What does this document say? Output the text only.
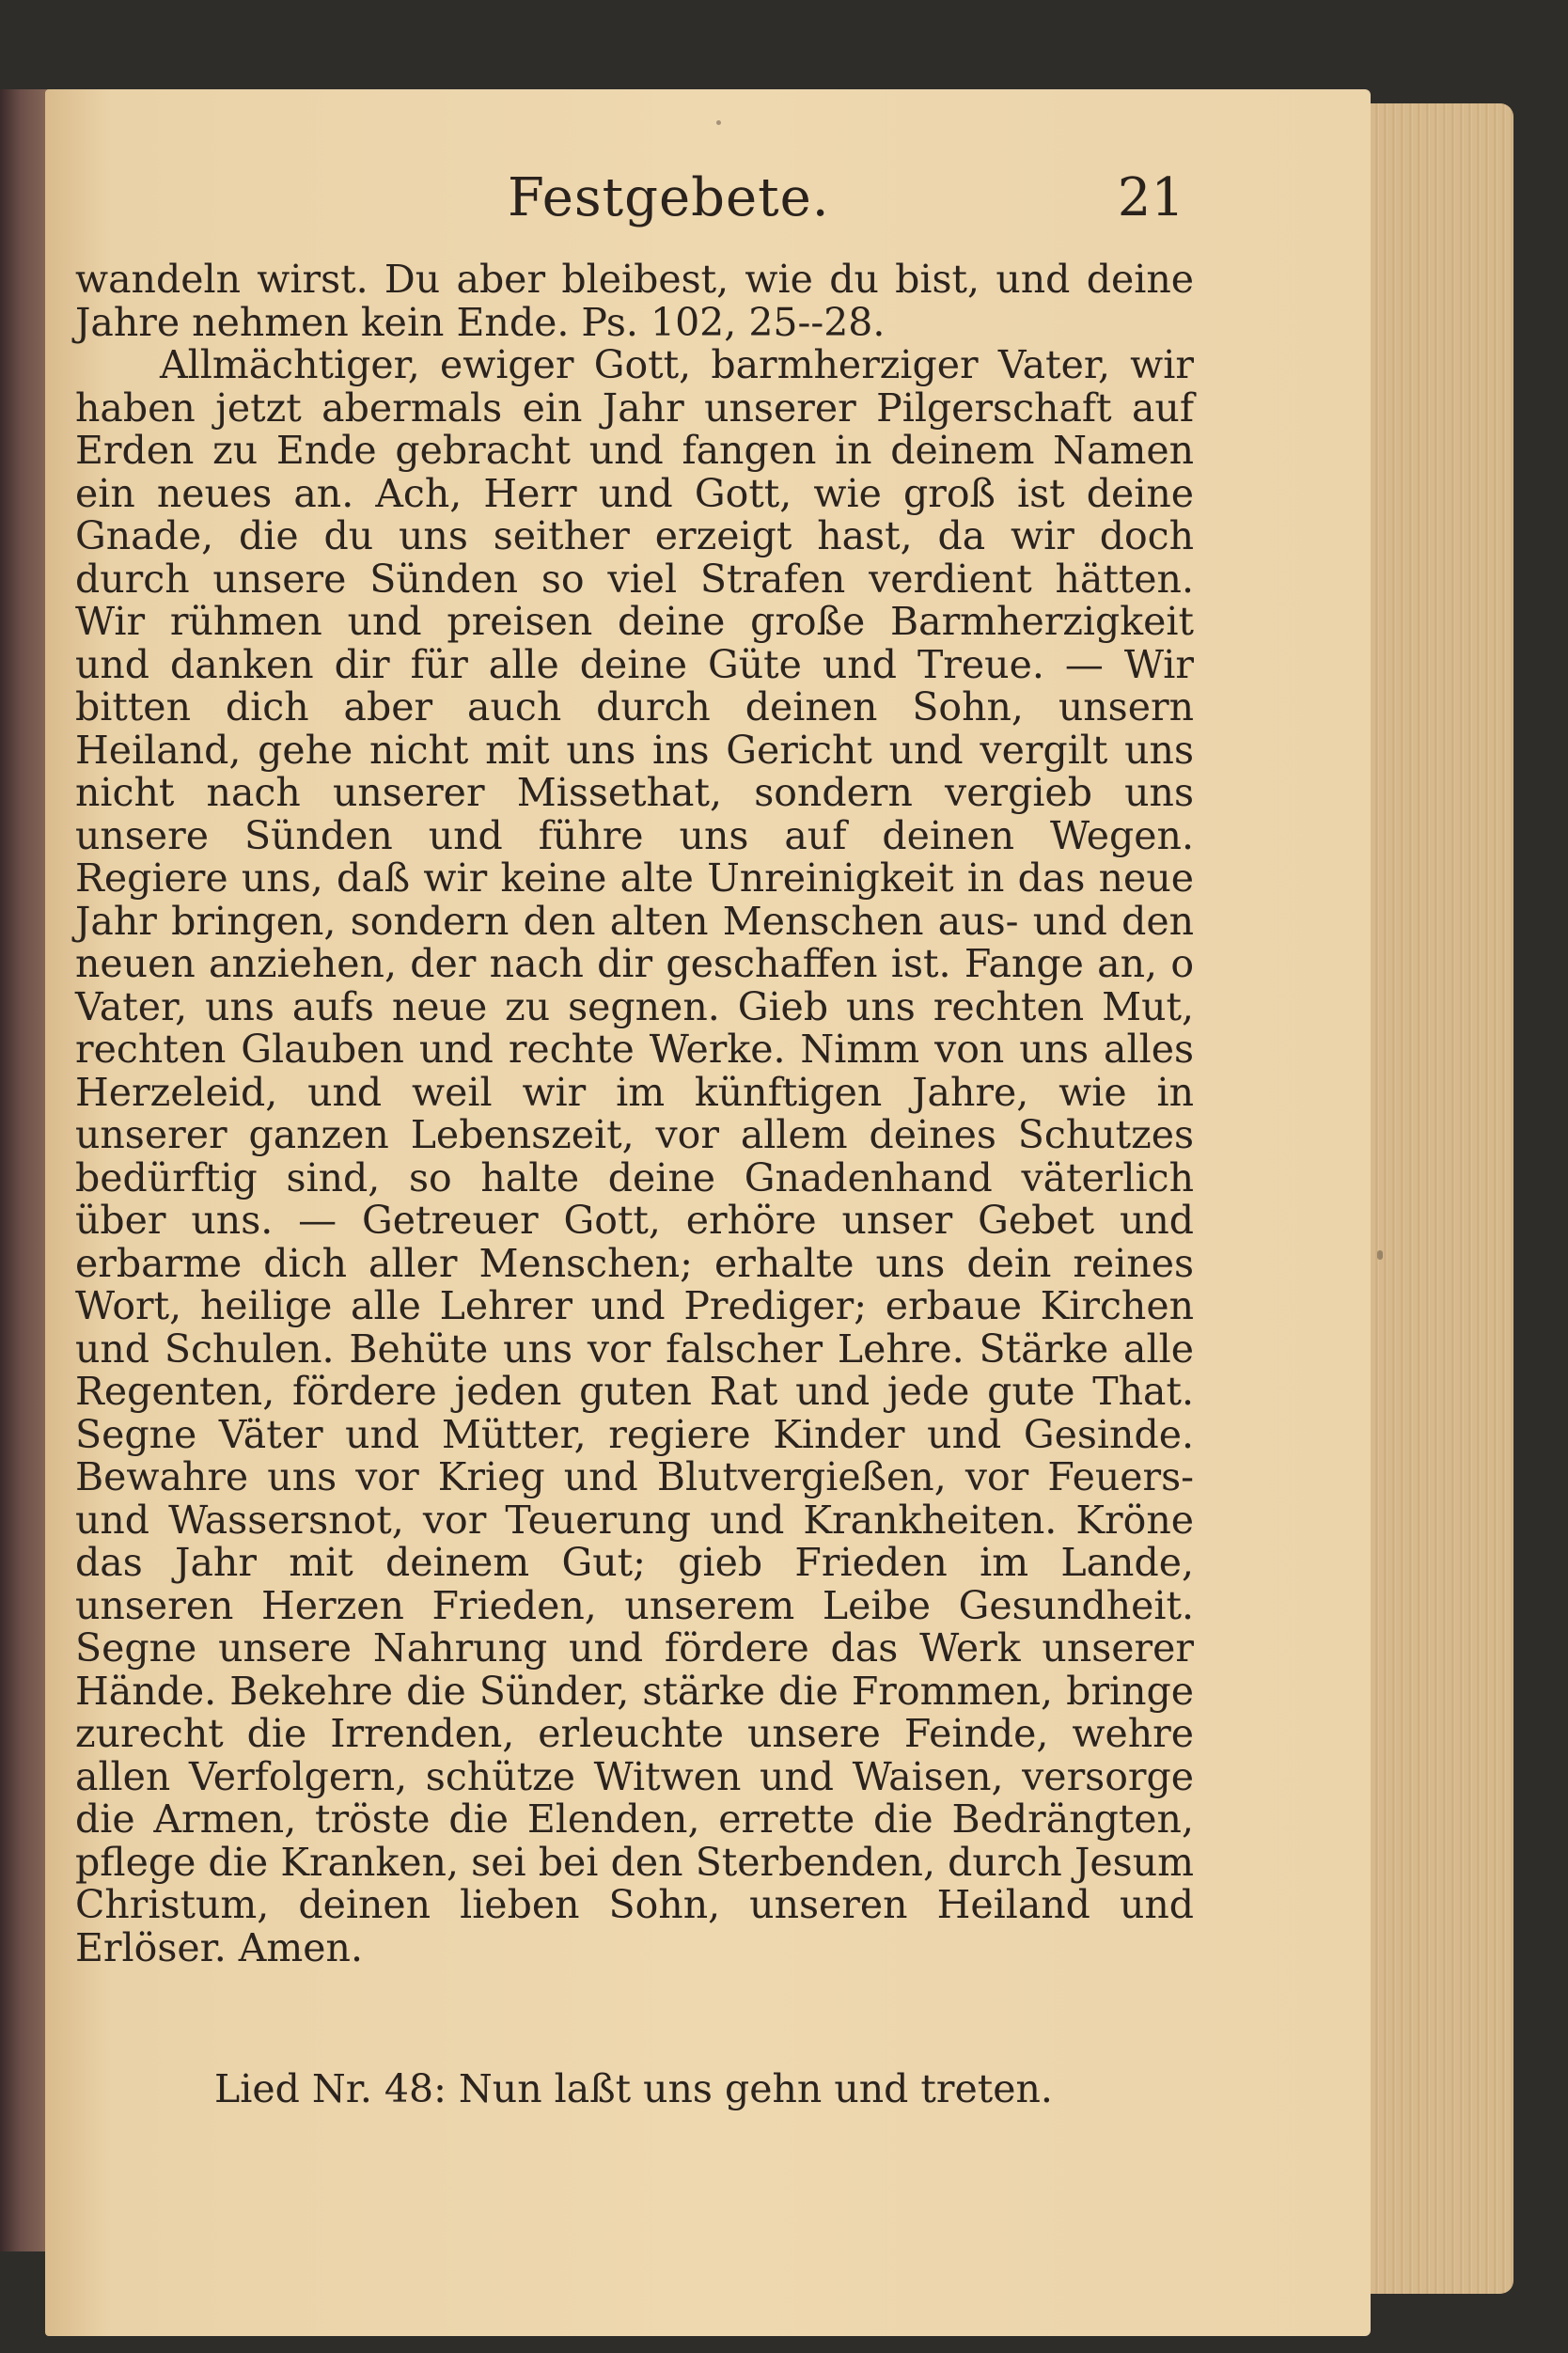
Festgebete.	21

wandeln wirst. Du aber bleibest, wie du bist, und deine Jahre nehmen kein Ende. Ps. 102, 25--28.

Allmächtiger, ewiger Gott, barmherziger Vater, wir haben jetzt abermals ein Jahr unserer Pilgerschaft auf Erden zu Ende gebracht und fangen in deinem Namen ein neues an. Ach, Herr und Gott, wie groß ist deine Gnade, die du uns seither erzeigt hast, da wir doch durch unsere Sünden so viel Strafen verdient hätten. Wir rühmen und preisen deine große Barmherzigkeit und danken dir für alle deine Güte und Treue. — Wir bitten dich aber auch durch deinen Sohn, unsern Heiland, gehe nicht mit uns ins Gericht und vergilt uns nicht nach unserer Missethat, sondern vergieb uns unsere Sünden und führe uns auf deinen Wegen. Regiere uns, daß wir keine alte Unreinigkeit in das neue Jahr bringen, sondern den alten Menschen aus- und den neuen anziehen, der nach dir geschaffen ist. Fange an, o Vater, uns aufs neue zu segnen. Gieb uns rechten Mut, rechten Glauben und rechte Werke. Nimm von uns alles Herzeleid, und weil wir im künftigen Jahre, wie in unserer ganzen Lebenszeit, vor allem deines Schutzes bedürftig sind, so halte deine Gnadenhand väterlich über uns. — Getreuer Gott, erhöre unser Gebet und erbarme dich aller Menschen; erhalte uns dein reines Wort, heilige alle Lehrer und Prediger; erbaue Kirchen und Schulen. Behüte uns vor falscher Lehre. Stärke alle Regenten, fördere jeden guten Rat und jede gute That. Segne Väter und Mütter, regiere Kinder und Gesinde. Bewahre uns vor Krieg und Blutvergießen, vor Feuers- und Wassersnot, vor Teuerung und Krankheiten. Kröne das Jahr mit deinem Gut; gieb Frieden im Lande, unseren Herzen Frieden, unserem Leibe Gesundheit. Segne unsere Nahrung und fördere das Werk unserer Hände. Bekehre die Sünder, stärke die Frommen, bringe zurecht die Irrenden, erleuchte unsere Feinde, wehre allen Verfolgern, schütze Witwen und Waisen, versorge die Armen, tröste die Elenden, errette die Bedrängten, pflege die Kranken, sei bei den Sterbenden, durch Jesum Christum, deinen lieben Sohn, unseren Heiland und Erlöser. Amen.

Lied Nr. 48: Nun laßt uns gehn und treten.
